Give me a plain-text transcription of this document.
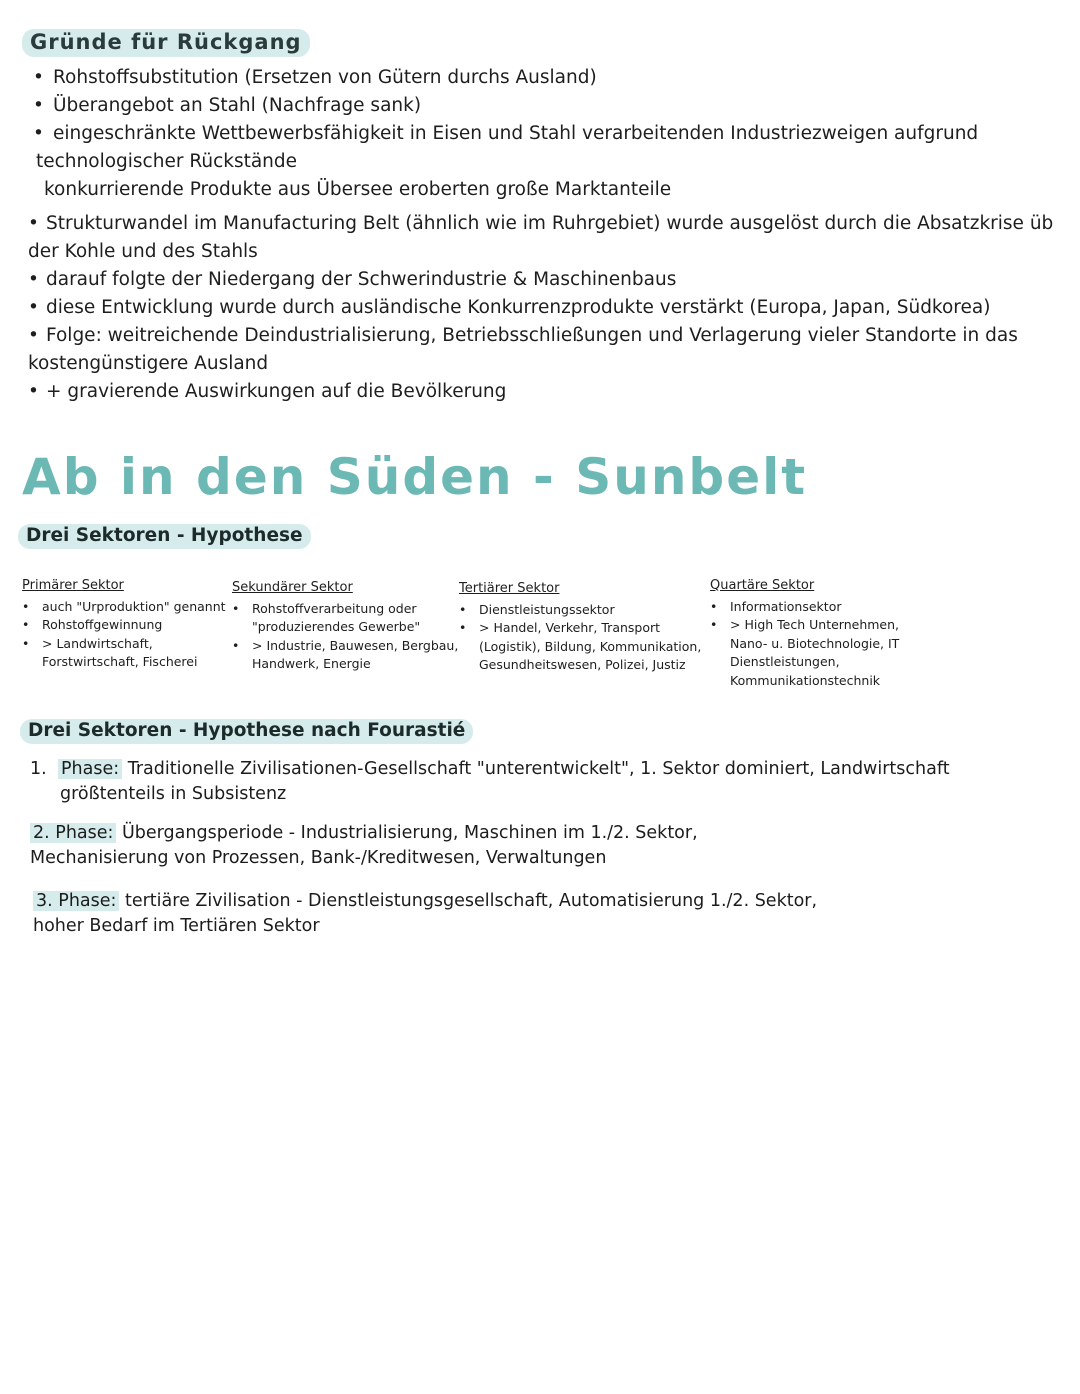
Gründe für Rückgang
• Rohstoffsubstitution (Ersetzen von Gütern durchs Ausland)
• Überangebot an Stahl (Nachfrage sank)
• eingeschränkte Wettbewerbsfähigkeit in Eisen und Stahl verarbeitenden Industriezweigen aufgrund
technologischer Rückstände
konkurrierende Produkte aus Übersee eroberten große Marktanteile
• Strukturwandel im Manufacturing Belt (ähnlich wie im Ruhrgebiet) wurde ausgelöst durch die Absatzkrise üb
der Kohle und des Stahls
• darauf folgte der Niedergang der Schwerindustrie & Maschinenbaus
• diese Entwicklung wurde durch ausländische Konkurrenzprodukte verstärkt (Europa, Japan, Südkorea)
• Folge: weitreichende Deindustrialisierung, Betriebsschließungen und Verlagerung vieler Standorte in das
kostengünstigere Ausland
• + gravierende Auswirkungen auf die Bevölkerung
Ab in den Süden - Sunbelt
Drei Sektoren - Hypothese
Primärer Sektor
•	auch "Urproduktion" genannt
•	Rohstoffgewinnung
•	> Landwirtschaft,
Forstwirtschaft, Fischerei
Sekundärer Sektor
•	Rohstoffverarbeitung oder
"produzierendes Gewerbe"
•	> Industrie, Bauwesen, Bergbau,
Handwerk, Energie
Tertiärer Sektor
•	Dienstleistungssektor
•	> Handel, Verkehr, Transport
(Logistik), Bildung, Kommunikation,
Gesundheitswesen, Polizei, Justiz
Quartäre Sektor
•	Informationsektor
•	> High Tech Unternehmen,
Nano- u. Biotechnologie, IT
Dienstleistungen,
Kommunikationstechnik
Drei Sektoren - Hypothese nach Fourastié
1. Phase: Traditionelle Zivilisationen-Gesellschaft "unterentwickelt", 1. Sektor dominiert, Landwirtschaft
größtenteils in Subsistenz
2. Phase: Übergangsperiode - Industrialisierung, Maschinen im 1./2. Sektor,
Mechanisierung von Prozessen, Bank-/Kreditwesen, Verwaltungen
3. Phase: tertiäre Zivilisation - Dienstleistungsgesellschaft, Automatisierung 1./2. Sektor,
hoher Bedarf im Tertiären Sektor
